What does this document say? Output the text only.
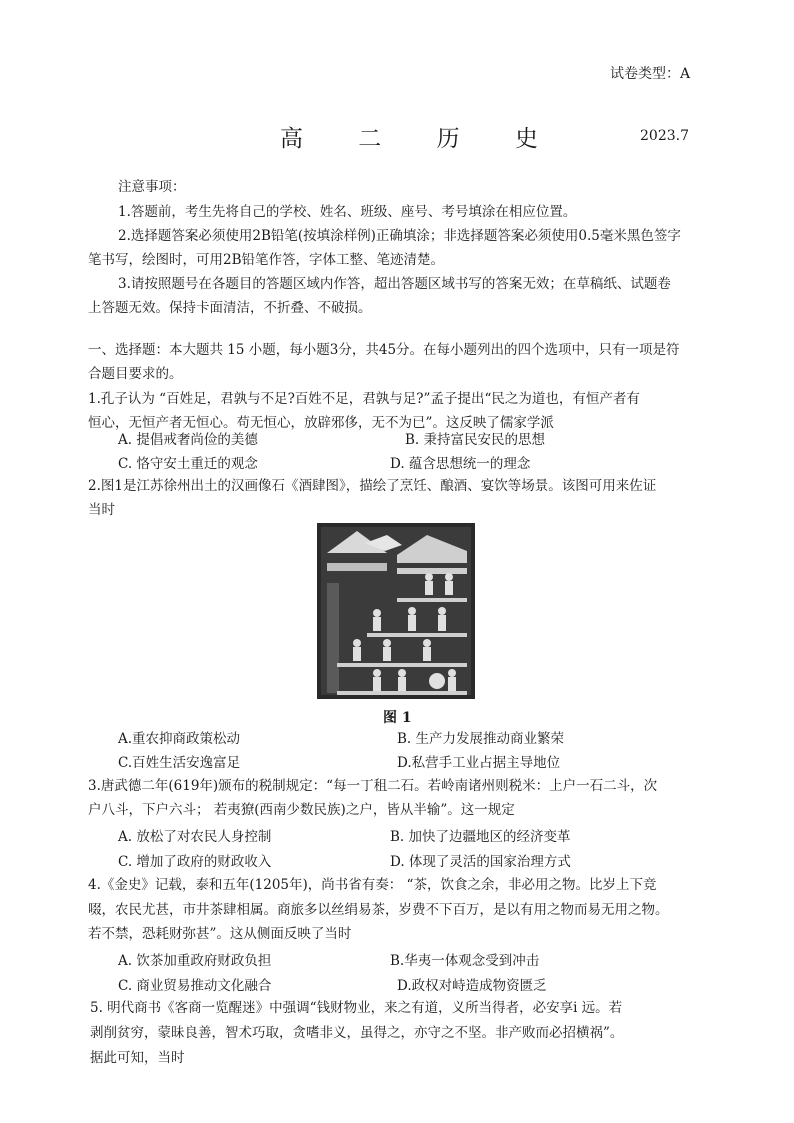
试卷类型：A
高 二 历 史	2023.7
注意事项：
1.答题前，考生先将自己的学校、姓名、班级、座号、考号填涂在相应位置。
2.选择题答案必须使用2B铅笔(按填涂样例)正确填涂；非选择题答案必须使用0.5毫米黑色签字
笔书写，绘图时，可用2B铅笔作答，字体工整、笔迹清楚。
3.请按照题号在各题目的答题区域内作答，超出答题区域书写的答案无效；在草稿纸、试题卷
上答题无效。保持卡面清洁，不折叠、不破损。
一、选择题：本大题共 15 小题，每小题3分，共45分。在每小题列出的四个选项中，只有一项是符
合题目要求的。
1.孔子认为 “百姓足，君孰与不足?百姓不足，君孰与足?”孟子提出“民之为道也，有恒产者有
恒心，无恒产者无恒心。苟无恒心，放辟邪侈，无不为已”。这反映了儒家学派
A. 提倡戒奢尚俭的美德	B. 秉持富民安民的思想
C. 恪守安土重迁的观念	D. 蕴含思想统一的理念
2.图1是江苏徐州出土的汉画像石《酒肆图》，描绘了烹饪、酿酒、宴饮等场景。该图可用来佐证
当时
图 1
A.重农抑商政策松动	B. 生产力发展推动商业繁荣
C.百姓生活安逸富足	D.私营手工业占据主导地位
3.唐武德二年(619年)颁布的税制规定：“每一丁租二石。若岭南诸州则税米：上户一石二斗，次
户八斗，下户六斗； 若夷獠(西南少数民族)之户，皆从半输”。这一规定
A. 放松了对农民人身控制	B. 加快了边疆地区的经济变革
C. 增加了政府的财政收入	D. 体现了灵活的国家治理方式
4.《金史》记载，泰和五年(1205年)，尚书省有奏： “茶，饮食之余，非必用之物。比岁上下竞
啜，农民尤甚，市井茶肆相属。商旅多以丝绢易茶，岁费不下百万，是以有用之物而易无用之物。
若不禁，恐耗财弥甚”。这从侧面反映了当时
A. 饮茶加重政府财政负担	B.华夷一体观念受到冲击
C. 商业贸易推动文化融合	D.政权对峙造成物资匮乏
5. 明代商书《客商一览醒迷》中强调“钱财物业，来之有道，义所当得者，必安享i 远。若
剥削贫穷，蒙昧良善，智术巧取，贪嗜非义，虽得之，亦守之不坚。非产败而必招横祸”。
据此可知，当时
